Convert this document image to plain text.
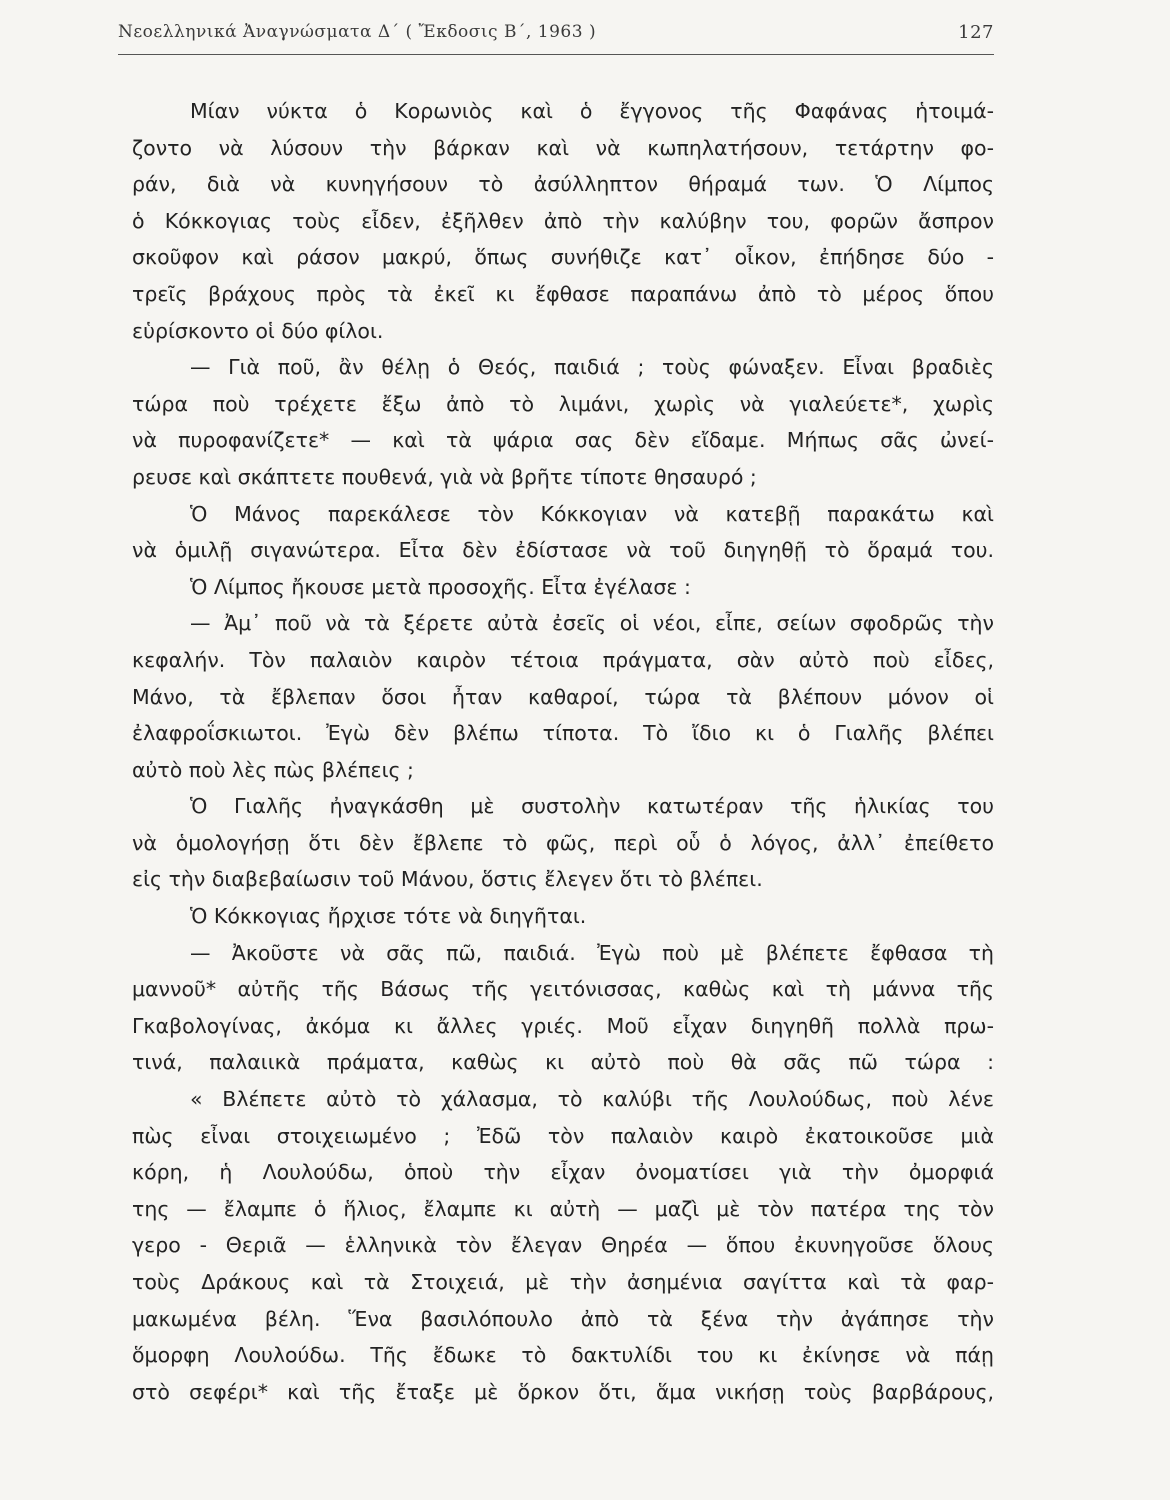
Νεοελληνικά Ἀναγνώσματα Δ΄ ( Ἔκδοσις Β΄, 1963 )	127
Μίαν νύκτα ὁ Κορωνιὸς καὶ ὁ ἔγγονος τῆς Φαφάνας ἡτοιμά-
ζοντο νὰ λύσουν τὴν βάρκαν καὶ νὰ κωπηλατήσουν, τετάρτην φο-
ράν, διὰ νὰ κυνηγήσουν τὸ ἀσύλληπτον θήραμά των. Ὁ Λίμπος
ὁ Κόκκογιας τοὺς εἶδεν, ἐξῆλθεν ἀπὸ τὴν καλύβην του, φορῶν ἄσπρον
σκοῦφον καὶ ράσον μακρύ, ὅπως συνήθιζε κατ᾽ οἶκον, ἐπήδησε δύο -
τρεῖς βράχους πρὸς τὰ ἐκεῖ κι ἔφθασε παραπάνω ἀπὸ τὸ μέρος ὅπου
εὑρίσκοντο οἱ δύο φίλοι.
— Γιὰ ποῦ, ἂν θέλῃ ὁ Θεός, παιδιά ; τοὺς φώναξεν. Εἶναι βραδιὲς
τώρα ποὺ τρέχετε ἔξω ἀπὸ τὸ λιμάνι, χωρὶς νὰ γιαλεύετε*, χωρὶς
νὰ πυροφανίζετε* — καὶ τὰ ψάρια σας δὲν εἴδαμε. Μήπως σᾶς ὠνεί-
ρευσε καὶ σκάπτετε πουθενά, γιὰ νὰ βρῆτε τίποτε θησαυρό ;
Ὁ Μάνος παρεκάλεσε τὸν Κόκκογιαν νὰ κατεβῇ παρακάτω καὶ
νὰ ὁμιλῇ σιγανώτερα. Εἶτα δὲν ἐδίστασε νὰ τοῦ διηγηθῇ τὸ ὅραμά του.
Ὁ Λίμπος ἤκουσε μετὰ προσοχῆς. Εἶτα ἐγέλασε :
— Ἀμ᾽ ποῦ νὰ τὰ ξέρετε αὐτὰ ἐσεῖς οἱ νέοι, εἶπε, σείων σφοδρῶς τὴν
κεφαλήν. Τὸν παλαιὸν καιρὸν τέτοια πράγματα, σὰν αὐτὸ ποὺ εἶδες,
Μάνο, τὰ ἔβλεπαν ὅσοι ἦταν καθαροί, τώρα τὰ βλέπουν μόνον οἱ
ἐλαφροΐσκιωτοι. Ἐγὼ δὲν βλέπω τίποτα. Τὸ ἴδιο κι ὁ Γιαλῆς βλέπει
αὐτὸ ποὺ λὲς πὼς βλέπεις ;
Ὁ Γιαλῆς ἠναγκάσθη μὲ συστολὴν κατωτέραν τῆς ἡλικίας του
νὰ ὁμολογήσῃ ὅτι δὲν ἔβλεπε τὸ φῶς, περὶ οὗ ὁ λόγος, ἀλλ᾽ ἐπείθετο
εἰς τὴν διαβεβαίωσιν τοῦ Μάνου, ὅστις ἔλεγεν ὅτι τὸ βλέπει.
Ὁ Κόκκογιας ἤρχισε τότε νὰ διηγῆται.
— Ἀκοῦστε νὰ σᾶς πῶ, παιδιά. Ἐγὼ ποὺ μὲ βλέπετε ἔφθασα τὴ
μαννοῦ* αὐτῆς τῆς Βάσως τῆς γειτόνισσας, καθὼς καὶ τὴ μάννα τῆς
Γκαβολογίνας, ἀκόμα κι ἄλλες γριές. Μοῦ εἶχαν διηγηθῆ πολλὰ πρω-
τινά, παλαιικὰ πράματα, καθὼς κι αὐτὸ ποὺ θὰ σᾶς πῶ τώρα :
« Βλέπετε αὐτὸ τὸ χάλασμα, τὸ καλύβι τῆς Λουλούδως, ποὺ λένε
πὼς εἶναι στοιχειωμένο ; Ἐδῶ τὸν παλαιὸν καιρὸ ἐκατοικοῦσε μιὰ
κόρη, ἡ Λουλούδω, ὁποὺ τὴν εἶχαν ὀνοματίσει γιὰ τὴν ὀμορφιά
της — ἔλαμπε ὁ ἥλιος, ἔλαμπε κι αὐτὴ — μαζὶ μὲ τὸν πατέρα της τὸν
γερο - Θεριᾶ — ἑλληνικὰ τὸν ἔλεγαν Θηρέα — ὅπου ἐκυνηγοῦσε ὅλους
τοὺς Δράκους καὶ τὰ Στοιχειά, μὲ τὴν ἀσημένια σαγίττα καὶ τὰ φαρ-
μακωμένα βέλη. Ἕνα βασιλόπουλο ἀπὸ τὰ ξένα τὴν ἀγάπησε τὴν
ὅμορφη Λουλούδω. Τῆς ἔδωκε τὸ δακτυλίδι του κι ἐκίνησε νὰ πάῃ
στὸ σεφέρι* καὶ τῆς ἔταξε μὲ ὅρκον ὅτι, ἅμα νικήσῃ τοὺς βαρβάρους,
